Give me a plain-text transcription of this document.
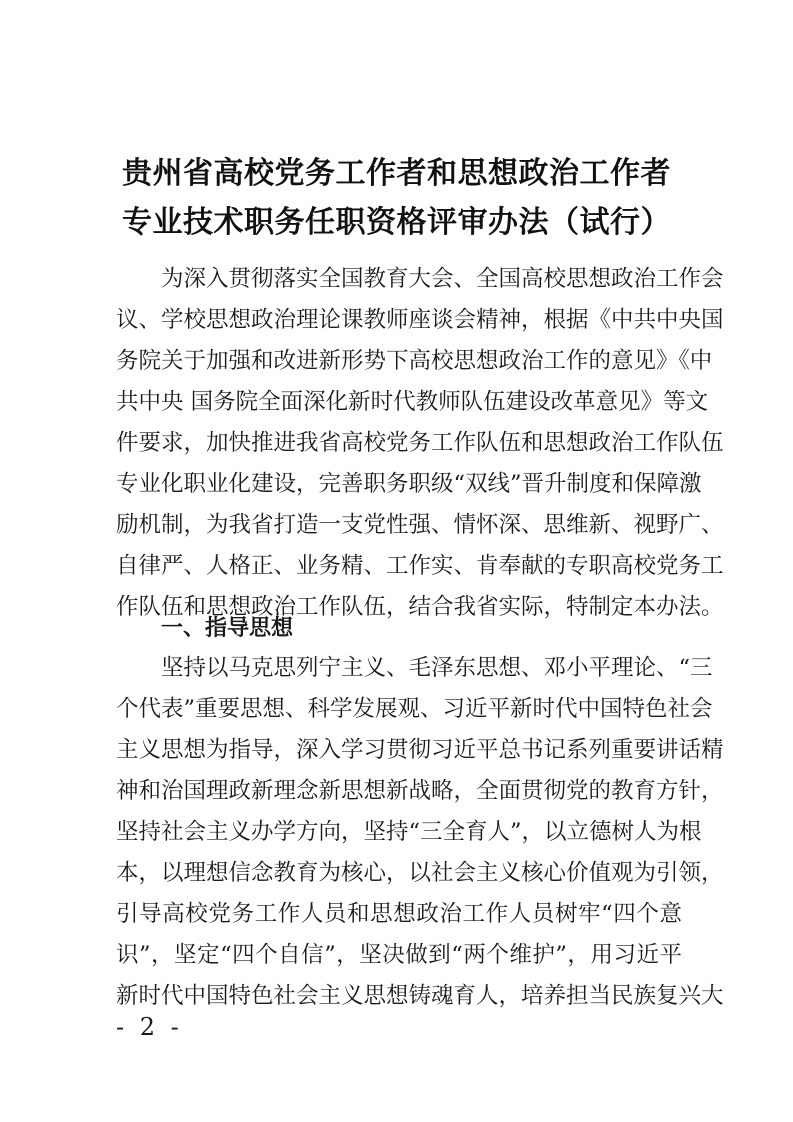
贵州省高校党务工作者和思想政治工作者
专业技术职务任职资格评审办法（试行）
为深入贯彻落实全国教育大会、全国高校思想政治工作会
议、学校思想政治理论课教师座谈会精神，根据《中共中央国
务院关于加强和改进新形势下高校思想政治工作的意见》《中
共中央 国务院全面深化新时代教师队伍建设改革意见》等文
件要求，加快推进我省高校党务工作队伍和思想政治工作队伍
专业化职业化建设，完善职务职级“双线”晋升制度和保障激
励机制，为我省打造一支党性强、情怀深、思维新、视野广、
自律严、人格正、业务精、工作实、肯奉献的专职高校党务工
作队伍和思想政治工作队伍，结合我省实际，特制定本办法。
一、指导思想
坚持以马克思列宁主义、毛泽东思想、邓小平理论、“三
个代表”重要思想、科学发展观、习近平新时代中国特色社会
主义思想为指导，深入学习贯彻习近平总书记系列重要讲话精
神和治国理政新理念新思想新战略，全面贯彻党的教育方针，
坚持社会主义办学方向，坚持“三全育人”，以立德树人为根
本，以理想信念教育为核心，以社会主义核心价值观为引领，
引导高校党务工作人员和思想政治工作人员树牢“四个意
识”，坚定“四个自信”，坚决做到“两个维护”，用习近平
新时代中国特色社会主义思想铸魂育人，培养担当民族复兴大
- 2 -
